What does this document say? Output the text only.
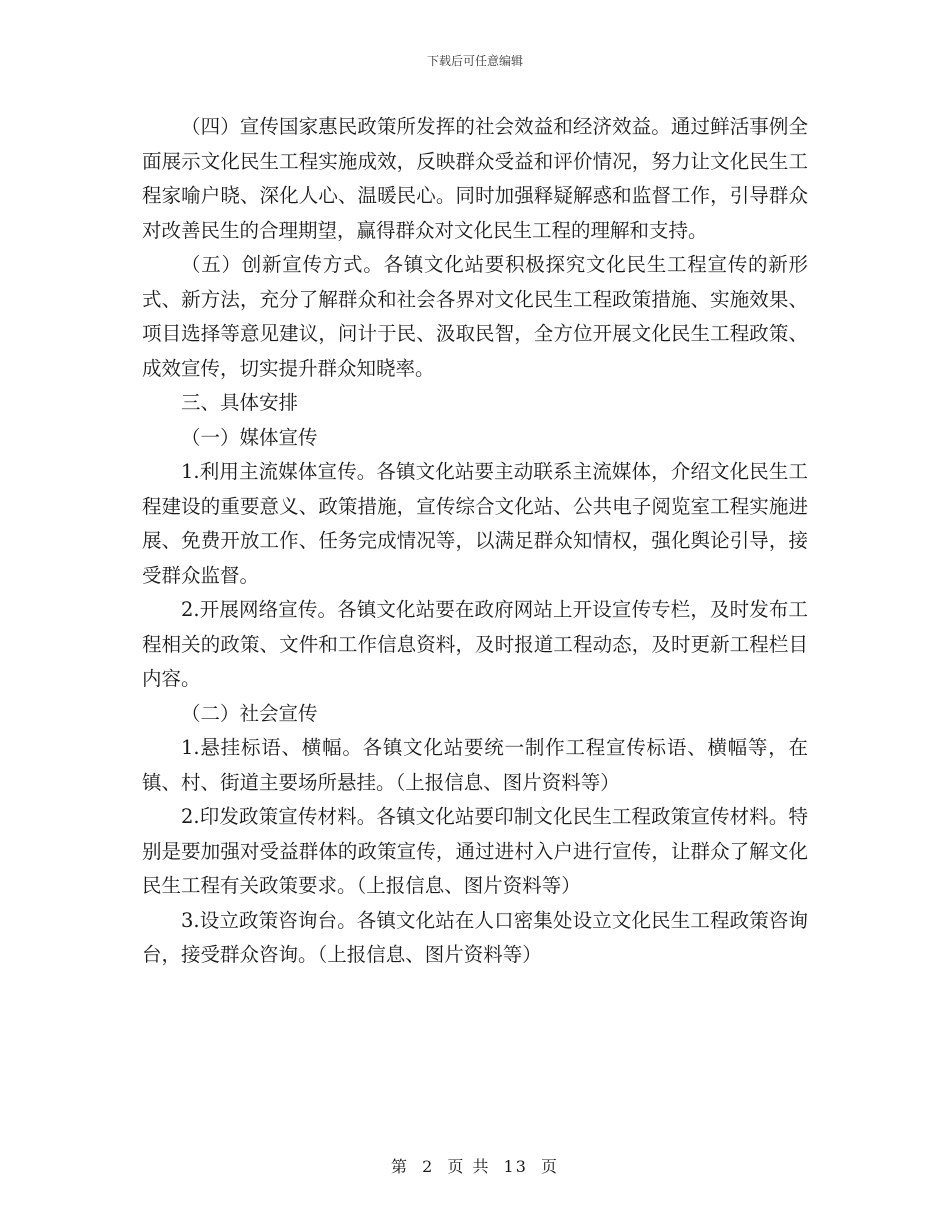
下载后可任意编辑

（四）宣传国家惠民政策所发挥的社会效益和经济效益。通过鲜活事例全面展示文化民生工程实施成效，反映群众受益和评价情况，努力让文化民生工程家喻户晓、深化人心、温暖民心。同时加强释疑解惑和监督工作，引导群众对改善民生的合理期望，赢得群众对文化民生工程的理解和支持。

（五）创新宣传方式。各镇文化站要积极探究文化民生工程宣传的新形式、新方法，充分了解群众和社会各界对文化民生工程政策措施、实施效果、项目选择等意见建议，问计于民、汲取民智，全方位开展文化民生工程政策、成效宣传，切实提升群众知晓率。

三、具体安排

（一）媒体宣传

1.利用主流媒体宣传。各镇文化站要主动联系主流媒体，介绍文化民生工程建设的重要意义、政策措施，宣传综合文化站、公共电子阅览室工程实施进展、免费开放工作、任务完成情况等，以满足群众知情权，强化舆论引导，接受群众监督。

2.开展网络宣传。各镇文化站要在政府网站上开设宣传专栏，及时发布工程相关的政策、文件和工作信息资料，及时报道工程动态，及时更新工程栏目内容。

（二）社会宣传

1.悬挂标语、横幅。各镇文化站要统一制作工程宣传标语、横幅等，在镇、村、街道主要场所悬挂。（上报信息、图片资料等）

2.印发政策宣传材料。各镇文化站要印制文化民生工程政策宣传材料。特别是要加强对受益群体的政策宣传，通过进村入户进行宣传，让群众了解文化民生工程有关政策要求。（上报信息、图片资料等）

3.设立政策咨询台。各镇文化站在人口密集处设立文化民生工程政策咨询台，接受群众咨询。（上报信息、图片资料等）

第 2 页 共 13 页
